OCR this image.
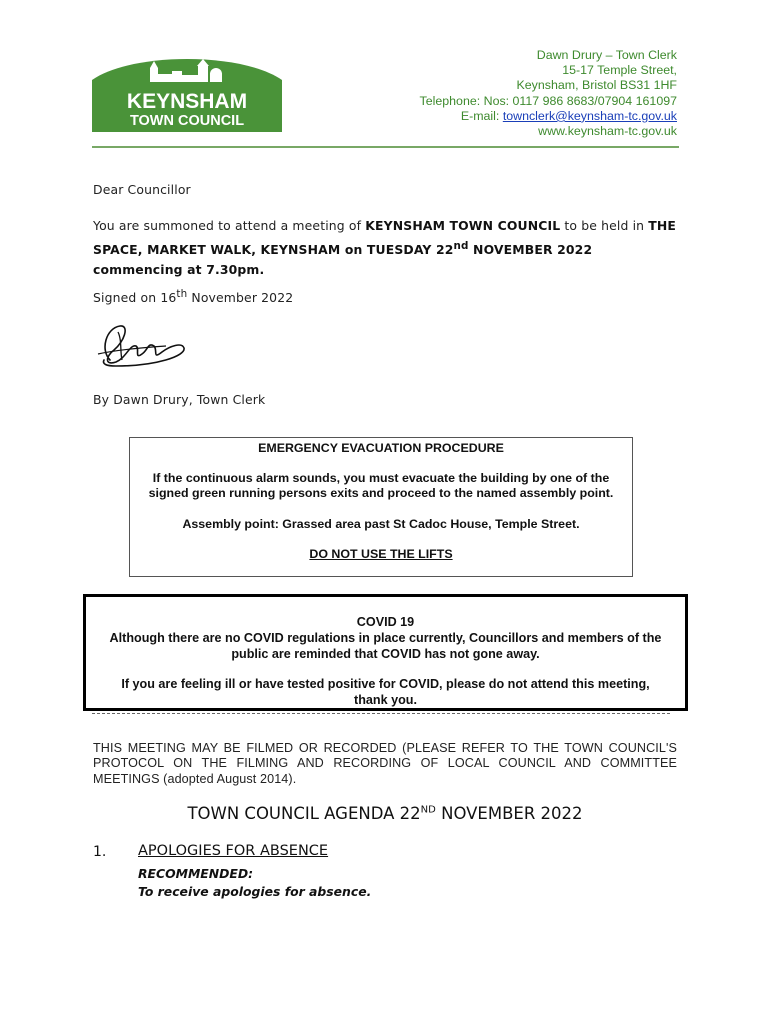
KEYNSHAM
TOWN COUNCIL
Dawn Drury – Town Clerk
15-17 Temple Street,
Keynsham, Bristol BS31 1HF
Telephone: Nos: 0117 986 8683/07904 161097
E-mail: townclerk@keynsham-tc.gov.uk
www.keynsham-tc.gov.uk
Dear Councillor
You are summoned to attend a meeting of KEYNSHAM TOWN COUNCIL to be held in THE SPACE, MARKET WALK, KEYNSHAM on TUESDAY 22nd NOVEMBER 2022 commencing at 7.30pm.
Signed on 16th November 2022
By Dawn Drury, Town Clerk
EMERGENCY EVACUATION PROCEDURE
If the continuous alarm sounds, you must evacuate the building by one of the signed green running persons exits and proceed to the named assembly point.
Assembly point: Grassed area past St Cadoc House, Temple Street.
DO NOT USE THE LIFTS
COVID 19
Although there are no COVID regulations in place currently, Councillors and members of the public are reminded that COVID has not gone away.
If you are feeling ill or have tested positive for COVID, please do not attend this meeting, thank you.
THIS MEETING MAY BE FILMED OR RECORDED (PLEASE REFER TO THE TOWN COUNCIL'S PROTOCOL ON THE FILMING AND RECORDING OF LOCAL COUNCIL AND COMMITTEE MEETINGS (adopted August 2014).
TOWN COUNCIL AGENDA 22ND NOVEMBER 2022
1. APOLOGIES FOR ABSENCE
RECOMMENDED:
To receive apologies for absence.
